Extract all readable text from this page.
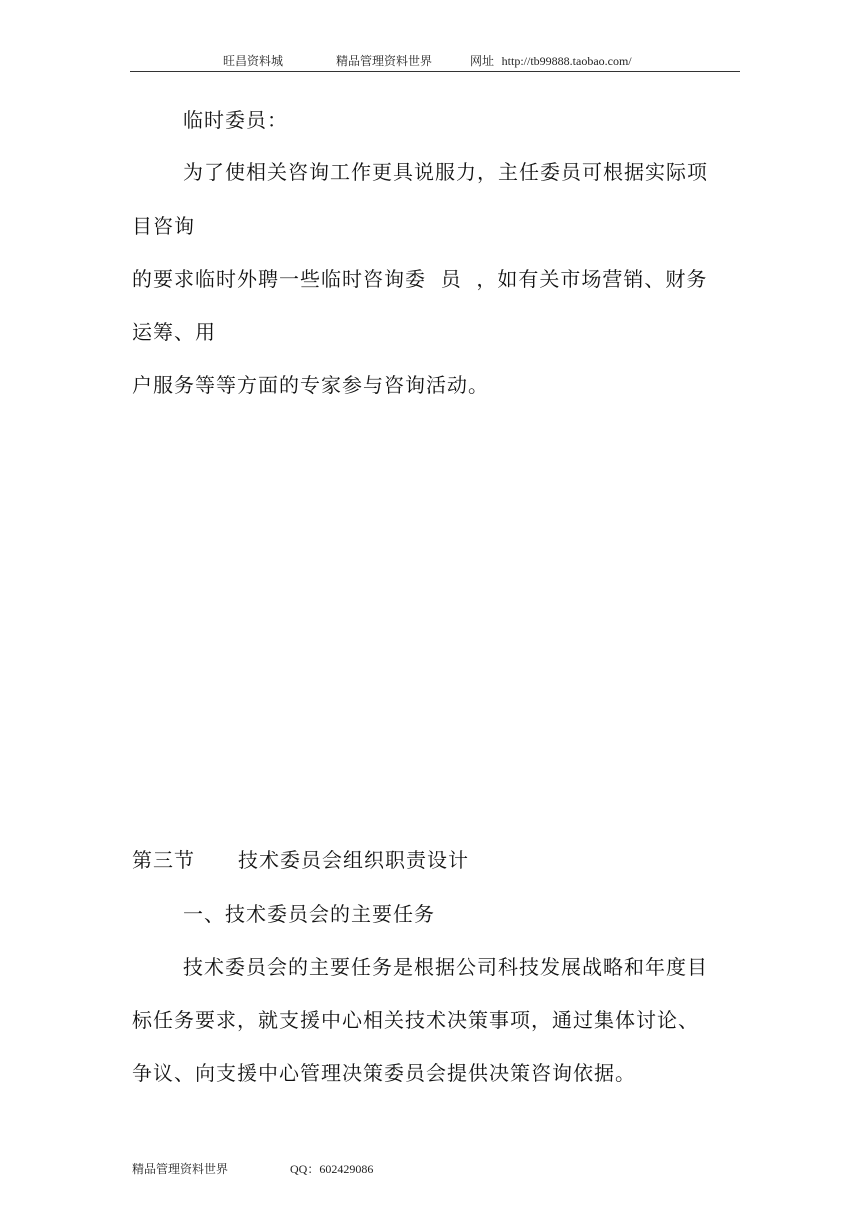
旺昌资料城	精品管理资料世界	网址 http://tb99888.taobao.com/
临时委员：
为了使相关咨询工作更具说服力，主任委员可根据实际项
目咨询
的要求临时外聘一些临时咨询委  员  ，如有关市场营销、财务
运筹、用
户服务等等方面的专家参与咨询活动。
第三节 技术委员会组织职责设计
一、技术委员会的主要任务
技术委员会的主要任务是根据公司科技发展战略和年度目
标任务要求，就支援中心相关技术决策事项，通过集体讨论、
争议、向支援中心管理决策委员会提供决策咨询依据。
精品管理资料世界	QQ：602429086
